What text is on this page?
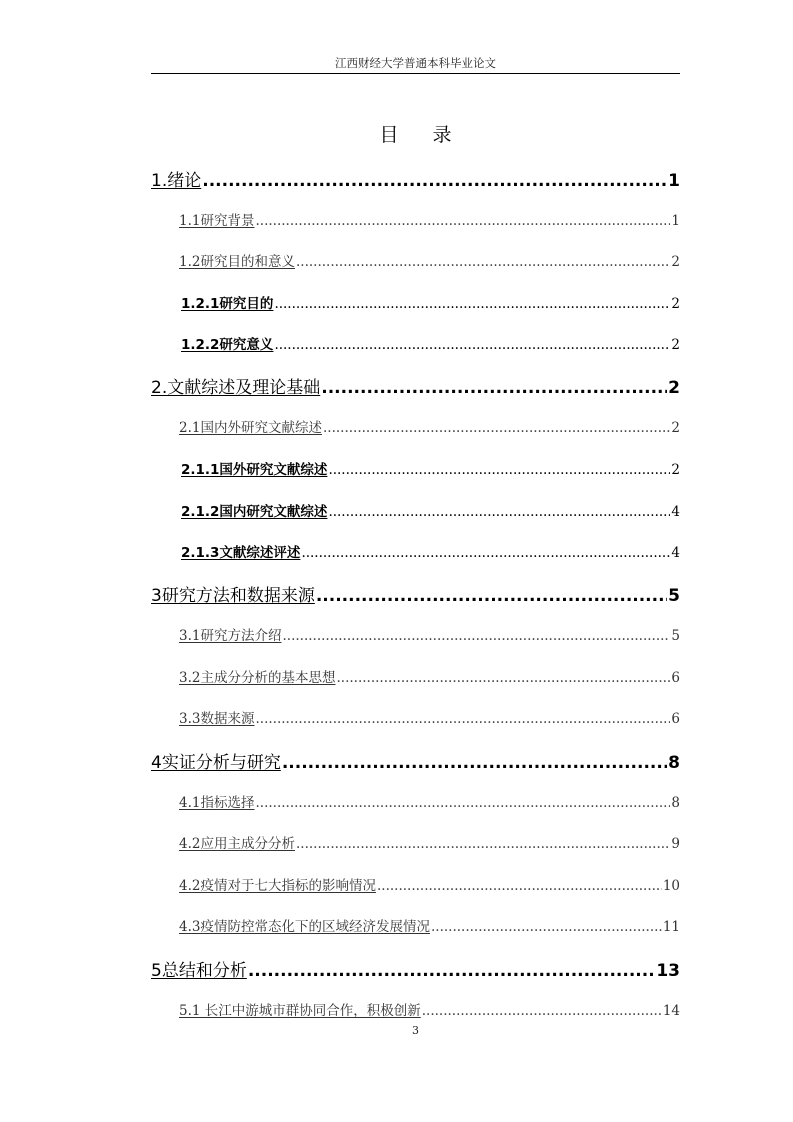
江西财经大学普通本科毕业论文
目 录
1.绪论 .....	1
1.1研究背景 .....	1
1.2研究目的和意义 .....	2
1.2.1研究目的 .....	2
1.2.2研究意义 .....	2
2.文献综述及理论基础 .....	2
2.1国内外研究文献综述 .....	2
2.1.1国外研究文献综述 .....	2
2.1.2国内研究文献综述 .....	4
2.1.3文献综述评述 .....	4
3研究方法和数据来源 .....	5
3.1研究方法介绍 .....	5
3.2主成分分析的基本思想 .....	6
3.3数据来源 .....	6
4实证分析与研究 .....	8
4.1指标选择 .....	8
4.2应用主成分分析 .....	9
4.2疫情对于七大指标的影响情况 .....	10
4.3疫情防控常态化下的区域经济发展情况 .....	11
5总结和分析 .....	13
5.1 长江中游城市群协同合作，积极创新 .....	14
3
